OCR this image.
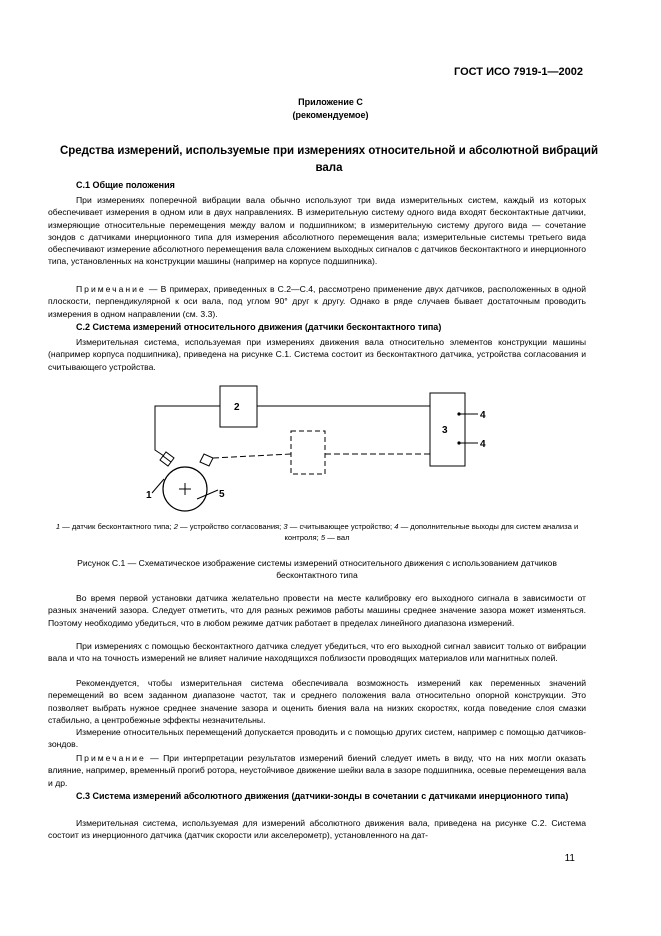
ГОСТ ИСО 7919-1—2002
Приложение С
(рекомендуемое)
Средства измерений, используемые при измерениях относительной и абсолютной вибраций вала
С.1 Общие положения
При измерениях поперечной вибрации вала обычно используют три вида измерительных систем, каждый из которых обеспечивает измерения в одном или в двух направлениях. В измерительную систему одного вида входят бесконтактные датчики, измеряющие относительные перемещения между валом и подшипником; в измерительную систему другого вида — сочетание зондов с датчиками инерционного типа для измерения абсолютного перемещения вала; измерительные системы третьего вида обеспечивают измерение абсолютного перемещения вала сложением выходных сигналов с датчиков бесконтактного и инерционного типа, установленных на конструкции машины (например на корпусе подшипника).
Примечание — В примерах, приведенных в С.2—С.4, рассмотрено применение двух датчиков, расположенных в одной плоскости, перпендикулярной к оси вала, под углом 90° друг к другу. Однако в ряде случаев бывает достаточным проводить измерения в одном направлении (см. 3.3).
С.2 Система измерений относительного движения (датчики бесконтактного типа)
Измерительная система, используемая при измерениях движения вала относительно элементов конструкции машины (например корпуса подшипника), приведена на рисунке С.1. Система состоит из бесконтактного датчика, устройства согласования и считывающего устройства.
2
3
4
4
1	5
1 — датчик бесконтактного типа; 2 — устройство согласования; 3 — считывающее устройство; 4 — дополнительные выходы для систем анализа и контроля; 5 — вал
Рисунок С.1 — Схематическое изображение системы измерений относительного движения с использованием датчиков бесконтактного типа
Во время первой установки датчика желательно провести на месте калибровку его выходного сигнала в зависимости от разных значений зазора. Следует отметить, что для разных режимов работы машины среднее значение зазора может изменяться. Поэтому необходимо убедиться, что в любом режиме датчик работает в пределах линейного диапазона измерений.
При измерениях с помощью бесконтактного датчика следует убедиться, что его выходной сигнал зависит только от вибрации вала и что на точность измерений не влияет наличие находящихся поблизости проводящих материалов или магнитных полей.
Рекомендуется, чтобы измерительная система обеспечивала возможность измерений как переменных значений перемещений во всем заданном диапазоне частот, так и среднего положения вала относительно опорной конструкции. Это позволяет выбрать нужное среднее значение зазора и оценить биения вала на низких скоростях, когда поведение слоя смазки стабильно, а центробежные эффекты незначительны.
Измерение относительных перемещений допускается проводить и с помощью других систем, например с помощью датчиков-зондов.
Примечание — При интерпретации результатов измерений биений следует иметь в виду, что на них могли оказать влияние, например, временный прогиб ротора, неустойчивое движение шейки вала в зазоре подшипника, осевые перемещения вала и др.
С.3 Система измерений абсолютного движения (датчики-зонды в сочетании с датчиками инерционного типа)
Измерительная система, используемая для измерений абсолютного движения вала, приведена на рисунке С.2. Система состоит из инерционного датчика (датчик скорости или акселерометр), установленного на дат-
11
